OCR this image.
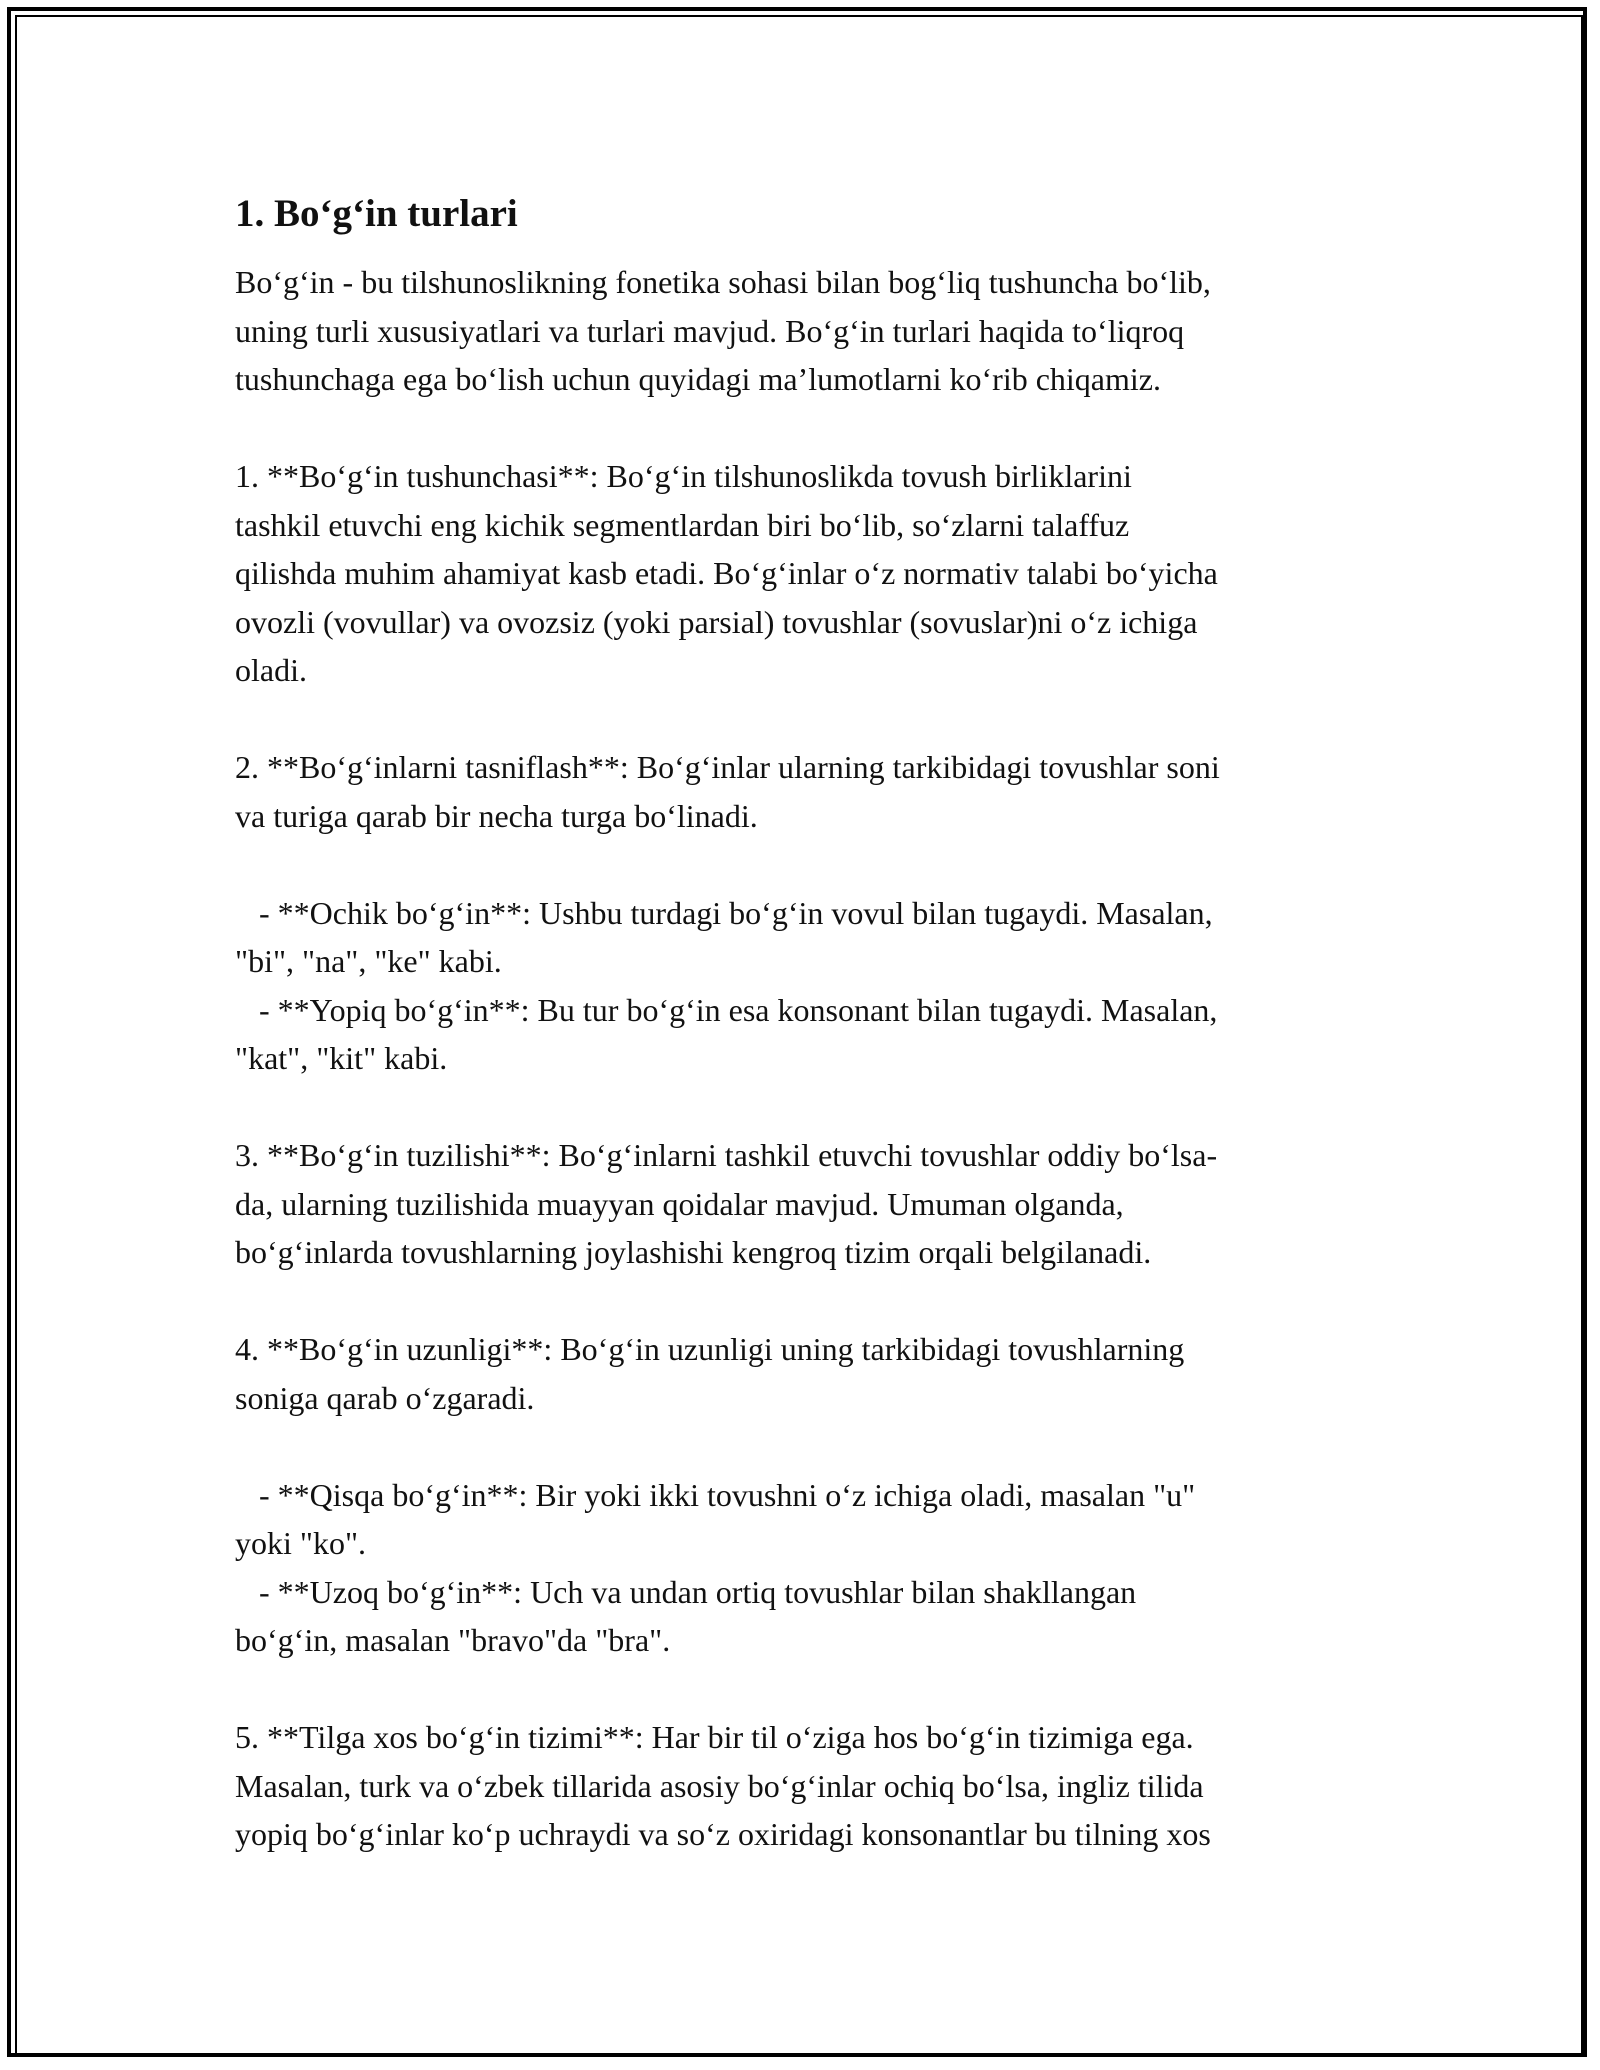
1. Bo‘g‘in turlari

Bo‘g‘in - bu tilshunoslikning fonetika sohasi bilan bog‘liq tushuncha bo‘lib,
uning turli xususiyatlari va turlari mavjud. Bo‘g‘in turlari haqida to‘liqroq
tushunchaga ega bo‘lish uchun quyidagi ma’lumotlarni ko‘rib chiqamiz.

1. **Bo‘g‘in tushunchasi**: Bo‘g‘in tilshunoslikda tovush birliklarini
tashkil etuvchi eng kichik segmentlardan biri bo‘lib, so‘zlarni talaffuz
qilishda muhim ahamiyat kasb etadi. Bo‘g‘inlar o‘z normativ talabi bo‘yicha
ovozli (vovullar) va ovozsiz (yoki parsial) tovushlar (sovuslar)ni o‘z ichiga
oladi.

2. **Bo‘g‘inlarni tasniflash**: Bo‘g‘inlar ularning tarkibidagi tovushlar soni
va turiga qarab bir necha turga bo‘linadi.

- **Ochik bo‘g‘in**: Ushbu turdagi bo‘g‘in vovul bilan tugaydi. Masalan,
"bi", "na", "ke" kabi.
- **Yopiq bo‘g‘in**: Bu tur bo‘g‘in esa konsonant bilan tugaydi. Masalan,
"kat", "kit" kabi.

3. **Bo‘g‘in tuzilishi**: Bo‘g‘inlarni tashkil etuvchi tovushlar oddiy bo‘lsa-
da, ularning tuzilishida muayyan qoidalar mavjud. Umuman olganda,
bo‘g‘inlarda tovushlarning joylashishi kengroq tizim orqali belgilanadi.

4. **Bo‘g‘in uzunligi**: Bo‘g‘in uzunligi uning tarkibidagi tovushlarning
soniga qarab o‘zgaradi.

- **Qisqa bo‘g‘in**: Bir yoki ikki tovushni o‘z ichiga oladi, masalan "u"
yoki "ko".
- **Uzoq bo‘g‘in**: Uch va undan ortiq tovushlar bilan shakllangan
bo‘g‘in, masalan "bravo"da "bra".

5. **Tilga xos bo‘g‘in tizimi**: Har bir til o‘ziga hos bo‘g‘in tizimiga ega.
Masalan, turk va o‘zbek tillarida asosiy bo‘g‘inlar ochiq bo‘lsa, ingliz tilida
yopiq bo‘g‘inlar ko‘p uchraydi va so‘z oxiridagi konsonantlar bu tilning xos
